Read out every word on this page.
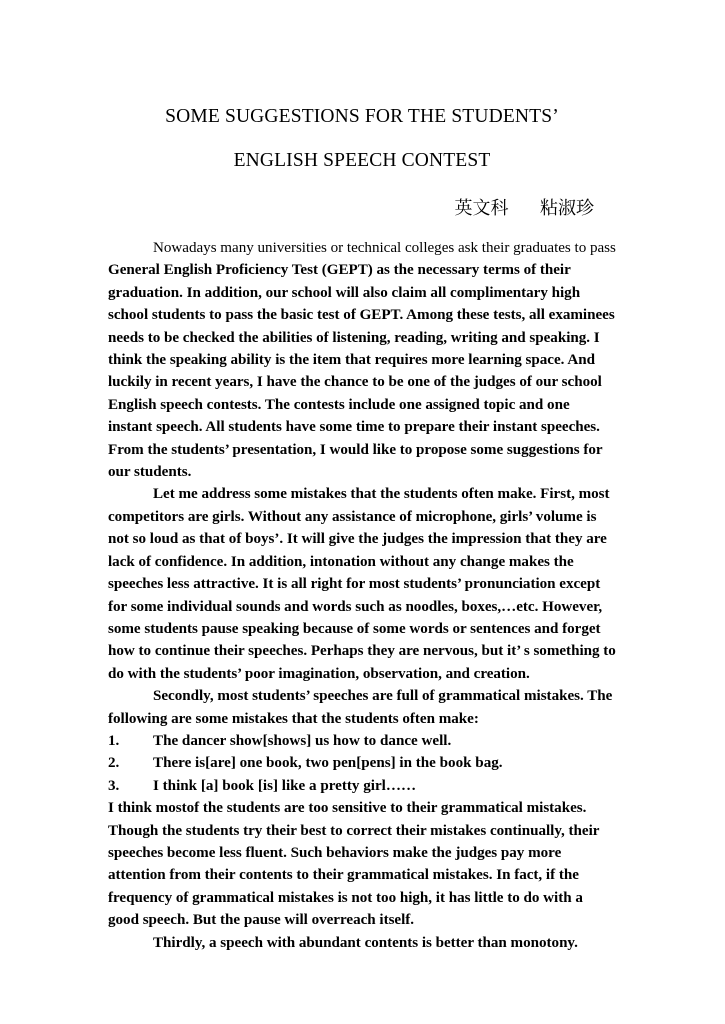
SOME SUGGESTIONS FOR THE STUDENTS’
ENGLISH SPEECH CONTEST
英文科 粘淑珍

Nowadays many universities or technical colleges ask their graduates to pass General English Proficiency Test (GEPT) as the necessary terms of their graduation. In addition, our school will also claim all complimentary high school students to pass the basic test of GEPT. Among these tests, all examinees needs to be checked the abilities of listening, reading, writing and speaking. I think the speaking ability is the item that requires more learning space. And luckily in recent years, I have the chance to be one of the judges of our school English speech contests. The contests include one assigned topic and one instant speech. All students have some time to prepare their instant speeches. From the students’ presentation, I would like to propose some suggestions for our students.

Let me address some mistakes that the students often make. First, most competitors are girls. Without any assistance of microphone, girls’ volume is not so loud as that of boys’. It will give the judges the impression that they are lack of confidence. In addition, intonation without any change makes the speeches less attractive. It is all right for most students’ pronunciation except for some individual sounds and words such as noodles, boxes,…etc. However, some students pause speaking because of some words or sentences and forget how to continue their speeches. Perhaps they are nervous, but it’ s something to do with the students’ poor imagination, observation, and creation.

Secondly, most students’ speeches are full of grammatical mistakes. The following are some mistakes that the students often make:

1. The dancer show[shows] us how to dance well.
2. There is[are] one book, two pen[pens] in the book bag.
3. I think [a] book [is] like a pretty girl……

I think mostof the students are too sensitive to their grammatical mistakes. Though the students try their best to correct their mistakes continually, their speeches become less fluent. Such behaviors make the judges pay more attention from their contents to their grammatical mistakes. In fact, if the frequency of grammatical mistakes is not too high, it has little to do with a good speech. But the pause will overreach itself.

Thirdly, a speech with abundant contents is better than monotony.
